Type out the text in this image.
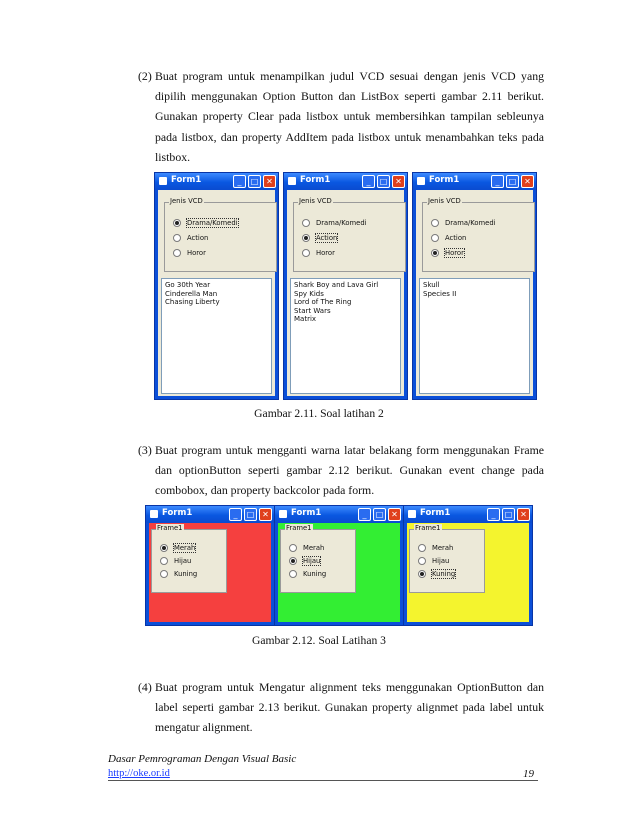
(2) Buat program untuk menampilkan judul VCD sesuai dengan jenis VCD yang dipilih menggunakan Option Button dan ListBox seperti gambar 2.11 berikut. Gunakan property Clear pada listbox untuk membersihkan tampilan sebleunya pada listbox, dan property AddItem pada listbox untuk menambahkan teks pada listbox.
Form1	_	□ ✕
Jenis VCD
Drama/Komedi
Action
Horor
Go 30th Year
Cinderella Man
Chasing Liberty
Form1	_	□ ✕
Jenis VCD
Drama/Komedi
Action
Horor
Shark Boy and Lava Girl
Spy Kids
Lord of The Ring
Start Wars
Matrix
Form1	_	□ ✕
Jenis VCD
Drama/Komedi
Action
Horor
Skull
Species II
Gambar 2.11. Soal latihan 2
(3) Buat program untuk mengganti warna latar belakang form menggunakan Frame dan optionButton seperti gambar 2.12 berikut. Gunakan event change pada combobox, dan property backcolor pada form.
Form1	_	□ ✕
Frame1
Merah
Hijau
Kuning
Form1	_	□ ✕
Frame1
Merah
Hijau
Kuning
Form1	_	□ ✕
Frame1
Merah
Hijau
Kuning
Gambar 2.12. Soal Latihan 3
(4) Buat program untuk Mengatur alignment teks menggunakan OptionButton dan label seperti gambar 2.13 berikut. Gunakan property alignmet pada label untuk mengatur alignment.
Dasar Pemrograman Dengan Visual Basic
http://oke.or.id	19
